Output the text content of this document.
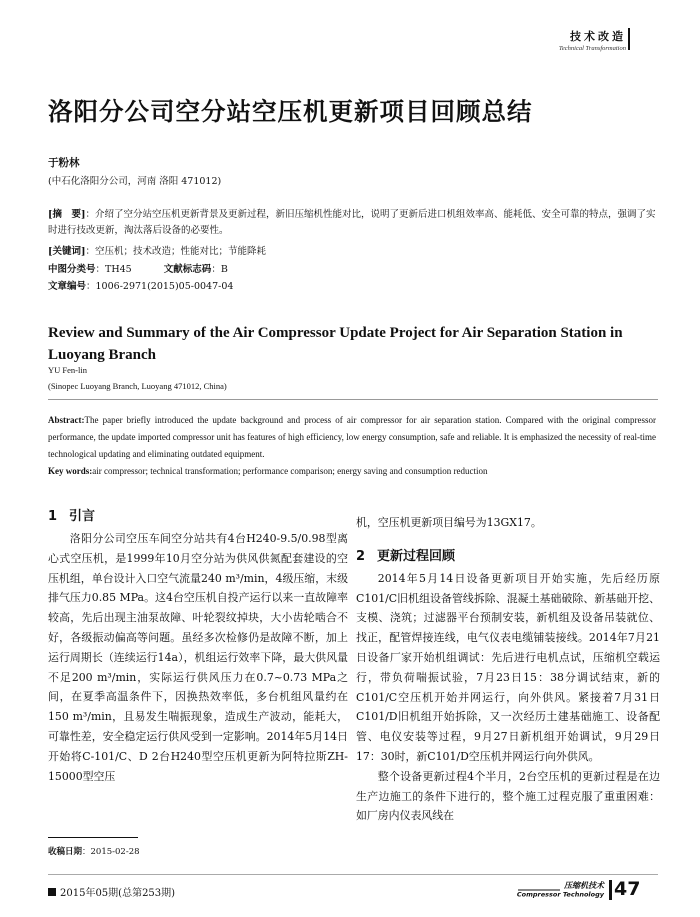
技术改造
Technical Transformation
洛阳分公司空分站空压机更新项目回顾总结
于粉林
(中石化洛阳分公司，河南 洛阳 471012)
[摘　要]：介绍了空分站空压机更新背景及更新过程，新旧压缩机性能对比，说明了更新后进口机组效率高、能耗低、安全可靠的特点，强调了实时进行技改更新，淘汰落后设备的必要性。
[关键词]：空压机；技术改造；性能对比；节能降耗
中图分类号：TH45	文献标志码：B
文章编号：1006-2971(2015)05-0047-04
Review and Summary of the Air Compressor Update Project for Air Separation Station in Luoyang Branch
YU Fen-lin
(Sinopec Luoyang Branch, Luoyang 471012, China)
Abstract:The paper briefly introduced the update background and process of air compressor for air separation station. Compared with the original compressor performance, the update imported compressor unit has features of high efficiency, low energy consumption, safe and reliable. It is emphasized the necessity of real-time technological updating and eliminating outdated equipment.
Key words:air compressor; technical transformation; performance comparison; energy saving and consumption reduction
1 引言

洛阳分公司空压车间空分站共有4台H240-9.5/0.98型离心式空压机，是1999年10月空分站为供风供氮配套建设的空压机组，单台设计入口空气流量240 m³/min，4级压缩，末级排气压力0.85 MPa。这4台空压机自投产运行以来一直故障率较高，先后出现主油泵故障、叶轮裂纹掉块，大小齿轮啮合不好，各级振动偏高等问题。虽经多次检修仍是故障不断，加上运行周期长（连续运行14a），机组运行效率下降，最大供风量不足200 m³/min，实际运行供风压力在0.7~0.73 MPa之间，在夏季高温条件下，因换热效率低，多台机组风量约在150 m³/min，且易发生喘振现象，造成生产波动，能耗大，可靠性差，安全稳定运行供风受到一定影响。2014年5月14日开始将C-101/C、D 2台H240型空压机更新为阿特拉斯ZH-15000型空压

机，空压机更新项目编号为13GX17。

2 更新过程回顾

2014年5月14日设备更新项目开始实施，先后经历原C101/C旧机组设备管线拆除、混凝土基础破除、新基础开挖、支模、浇筑；过滤器平台预制安装，新机组及设备吊装就位、找正，配管焊接连线，电气仪表电缆铺装接线。2014年7月21日设备厂家开始机组调试：先后进行电机点试，压缩机空载运行，带负荷喘振试验，7月23日15：38分调试结束，新的C101/C空压机开始并网运行，向外供风。紧接着7月31日C101/D旧机组开始拆除，又一次经历土建基础施工、设备配管、电仪安装等过程，9月27日新机组开始调试，9月29日17：30时，新C101/D空压机并网运行向外供风。

整个设备更新过程4个半月，2台空压机的更新过程是在边生产边施工的条件下进行的，整个施工过程克服了重重困难：如厂房内仪表风线在

收稿日期：2015-02-28
2015年05期(总第253期)
压缩机技术
Compressor Technology 47
